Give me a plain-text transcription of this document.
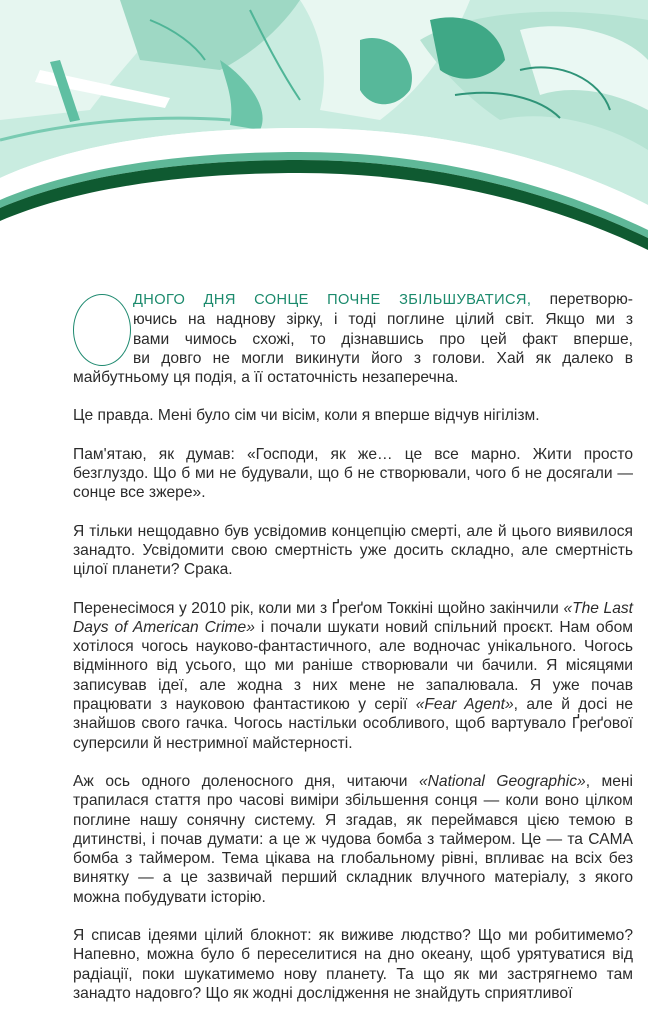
ДНОГО ДНЯ СОНЦЕ ПОЧНЕ ЗБІЛЬШУВАТИСЯ, перетворю-
ючись на наднову зірку, і тоді поглине цілий світ. Якщо ми з
вами чимось схожі, то дізнавшись про цей факт вперше,
ви довго не могли викинути його з голови. Хай як далеко в
майбутньому ця подія, а її остаточність незаперечна.

Це правда. Мені було сім чи вісім, коли я вперше відчув нігілізм.

Пам'ятаю, як думав: «Господи, як же… це все марно. Жити просто безглуздо. Що б ми не будували, що б не створювали, чого б не досягали — сонце все зжере».

Я тільки нещодавно був усвідомив концепцію смерті, але й цього виявилося занадто. Усвідомити свою смертність уже досить складно, але смертність цілої планети? Срака.

Перенесімося у 2010 рік, коли ми з Ґреґом Токкіні щойно закінчили «The Last Days of American Crime» і почали шукати новий спільний проєкт. Нам обом хотілося чогось науково-фантастичного, але водночас унікального. Чогось відмінного від усього, що ми раніше створювали чи бачили. Я місяцями записував ідеї, але жодна з них мене не запалювала. Я уже почав працювати з науковою фантастикою у серії «Fear Agent», але й досі не знайшов свого гачка. Чогось настільки особливого, щоб вартувало Ґреґової суперсили й нестримної майстерності.

Аж ось одного доленосного дня, читаючи «National Geographic», мені трапилася стаття про часові виміри збільшення сонця — коли воно цілком поглине нашу сонячну систему. Я згадав, як переймався цією темою в дитинстві, і почав думати: а це ж чудова бомба з таймером. Це — та САМА бомба з таймером. Тема цікава на глобальному рівні, впливає на всіх без винятку — а це зазвичай перший складник влучного матеріалу, з якого можна побудувати історію.

Я списав ідеями цілий блокнот: як виживе людство? Що ми робитимемо? Напевно, можна було б переселитися на дно океану, щоб урятуватися від радіації, поки шукатимемо нову планету. Та що як ми застрягнемо там занадто надовго? Що як жодні дослідження не знайдуть сприятливої
